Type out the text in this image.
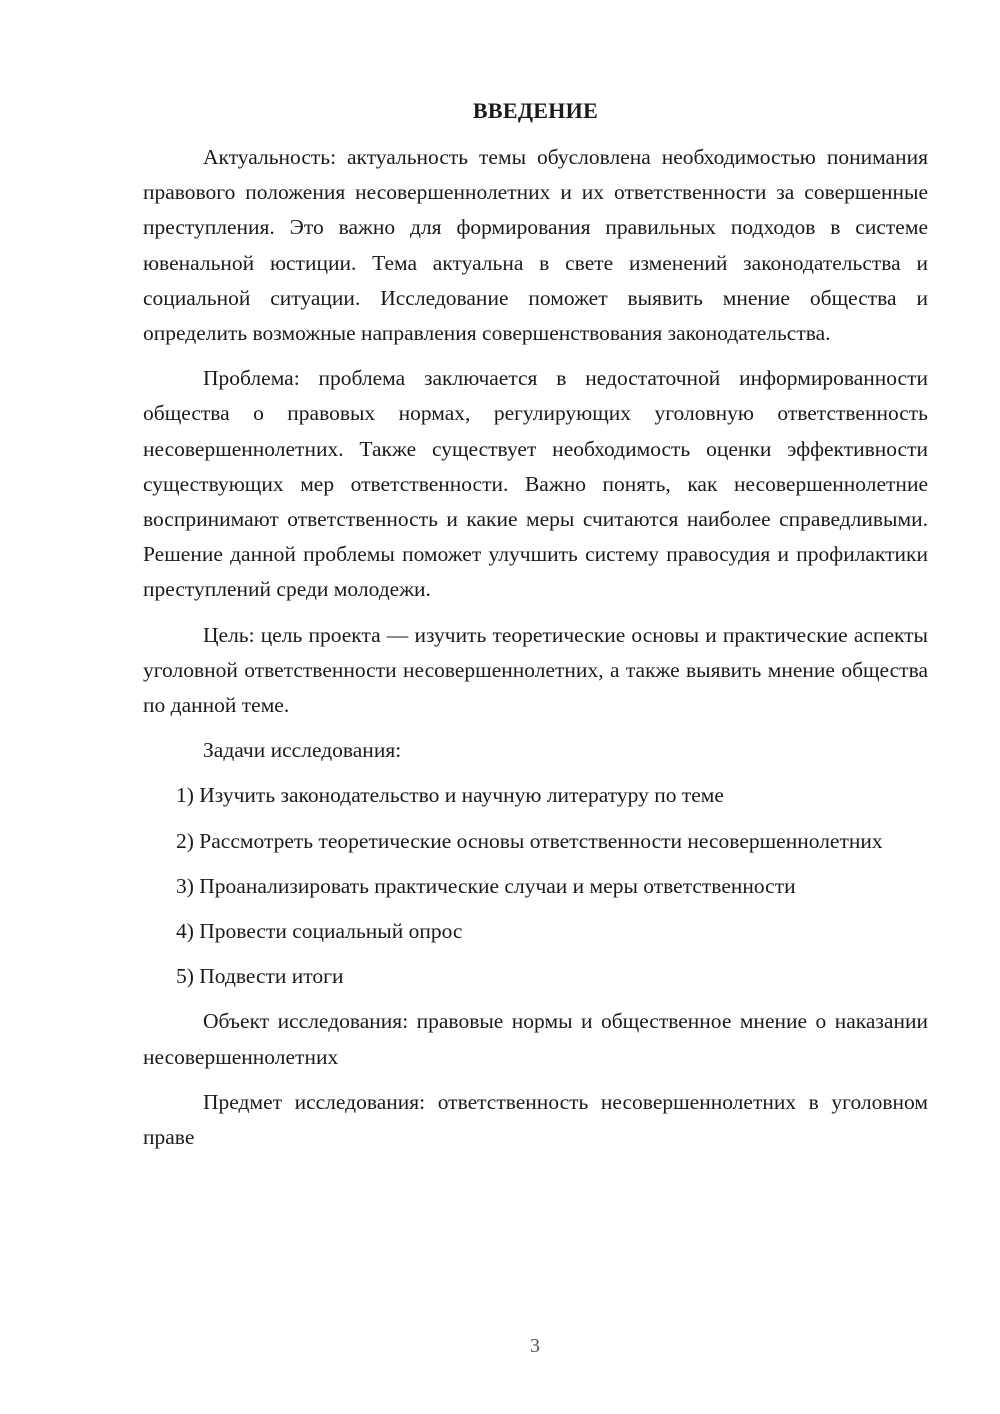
ВВЕДЕНИЕ

Актуальность: актуальность темы обусловлена необходимостью понимания правового положения несовершеннолетних и их ответственности за совершенные преступления. Это важно для формирования правильных подходов в системе ювенальной юстиции. Тема актуальна в свете изменений законодательства и социальной ситуации. Исследование поможет выявить мнение общества и определить возможные направления совершенствования законодательства.

Проблема: проблема заключается в недостаточной информированности общества о правовых нормах, регулирующих уголовную ответственность несовершеннолетних. Также существует необходимость оценки эффективности существующих мер ответственности. Важно понять, как несовершеннолетние воспринимают ответственность и какие меры считаются наиболее справедливыми. Решение данной проблемы поможет улучшить систему правосудия и профилактики преступлений среди молодежи.

Цель: цель проекта — изучить теоретические основы и практические аспекты уголовной ответственности несовершеннолетних, а также выявить мнение общества по данной теме.

Задачи исследования:

1) Изучить законодательство и научную литературу по теме

2) Рассмотреть теоретические основы ответственности несовершеннолетних

3) Проанализировать практические случаи и меры ответственности

4) Провести социальный опрос

5) Подвести итоги

Объект исследования: правовые нормы и общественное мнение о наказании несовершеннолетних

Предмет исследования: ответственность несовершеннолетних в уголовном праве

3
